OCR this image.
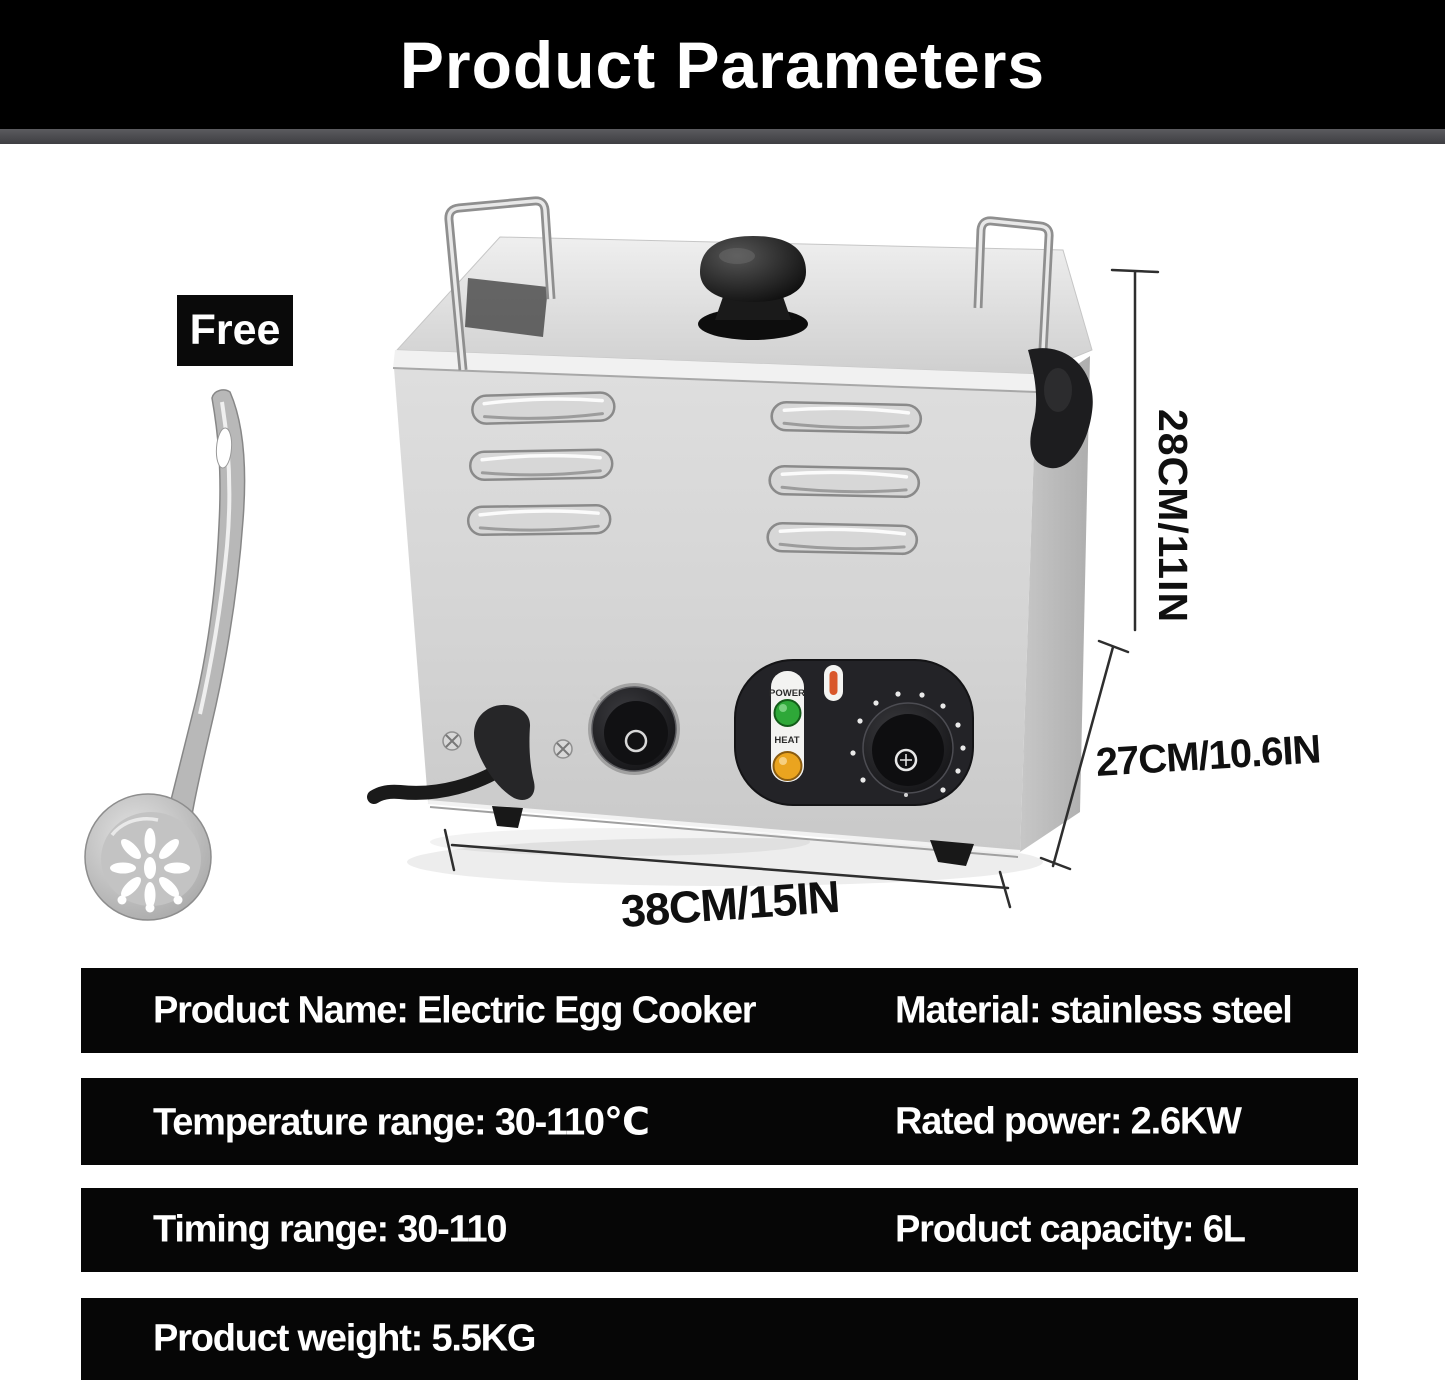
Product Parameters
POWER
HEAT
Free
28CM/11IN
27CM/10.6IN
38CM/15IN
Product Name: Electric Egg Cooker	Material: stainless steel
Temperature range: 30-110℃	Rated power: 2.6KW
Timing range: 30-110	Product capacity: 6L
Product weight: 5.5KG
